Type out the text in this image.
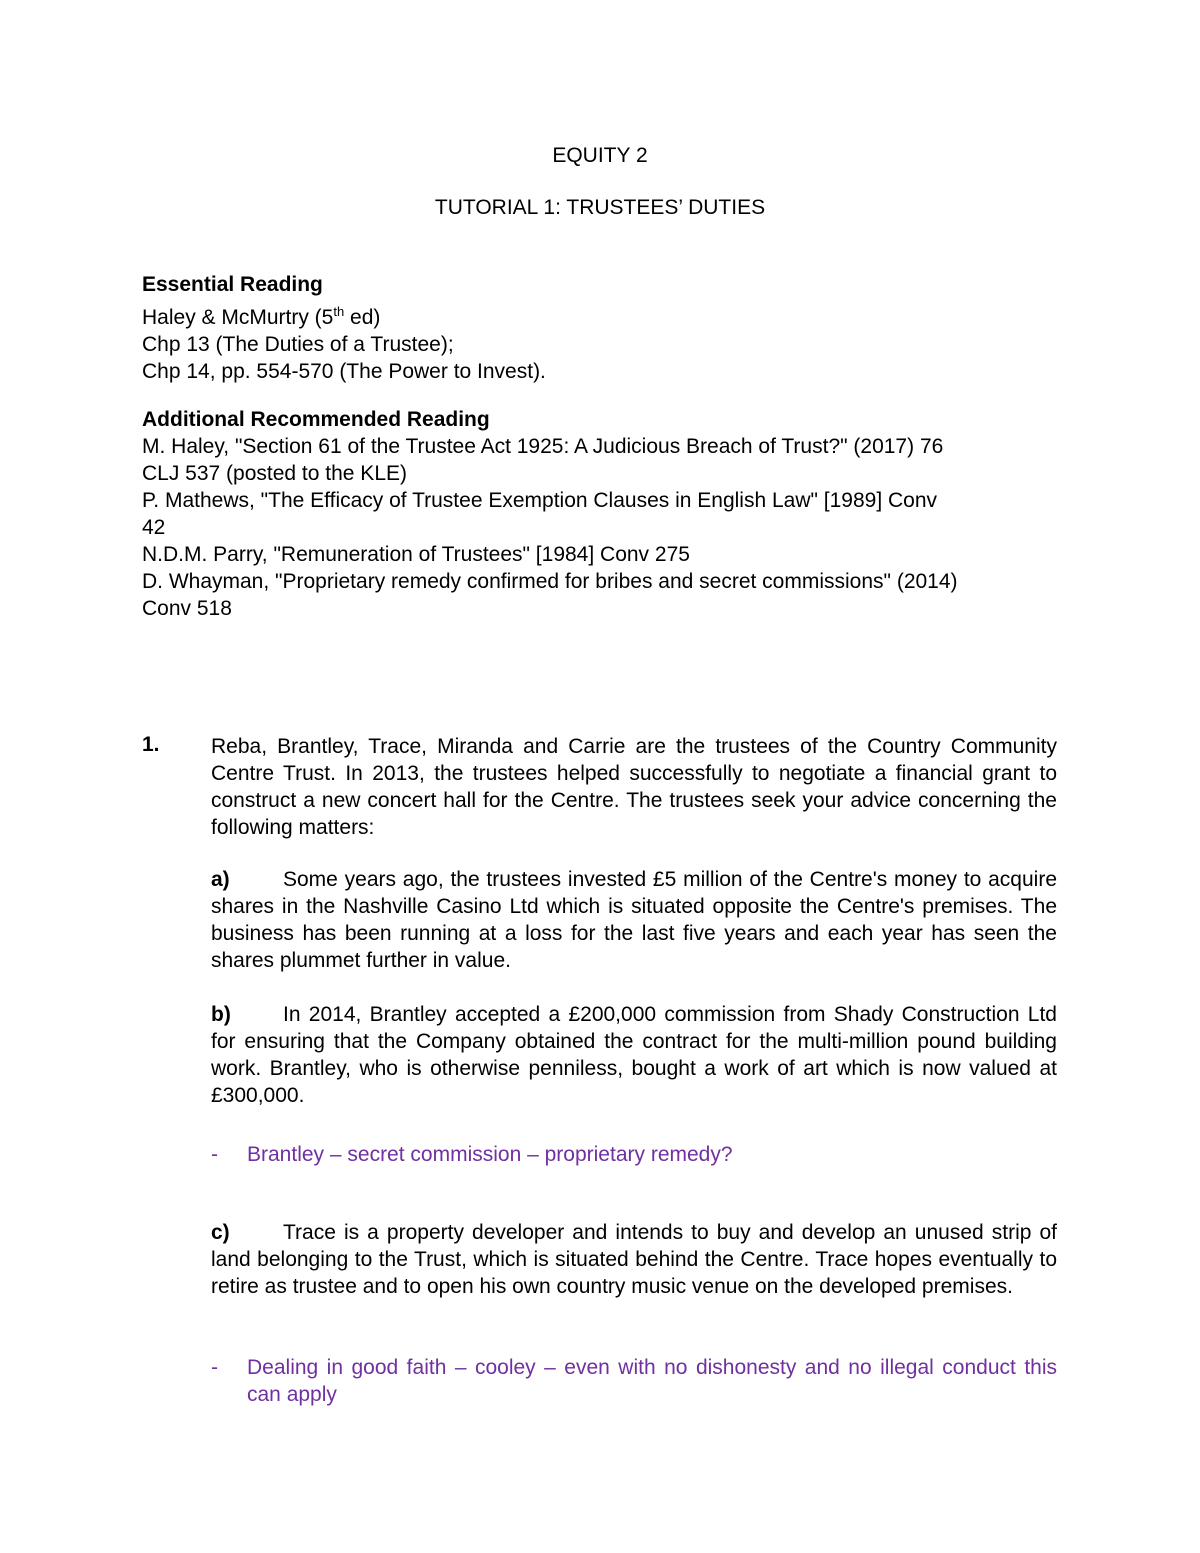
EQUITY 2
TUTORIAL 1: TRUSTEES’ DUTIES
Essential Reading
Haley & McMurtry (5th ed)
Chp 13 (The Duties of a Trustee);
Chp 14, pp. 554-570 (The Power to Invest).
Additional Recommended Reading
M. Haley, "Section 61 of the Trustee Act 1925: A Judicious Breach of Trust?" (2017) 76
CLJ 537 (posted to the KLE)
P. Mathews, "The Efficacy of Trustee Exemption Clauses in English Law" [1989] Conv
42
N.D.M. Parry, "Remuneration of Trustees" [1984] Conv 275
D. Whayman, "Proprietary remedy confirmed for bribes and secret commissions" (2014)
Conv 518
1. Reba, Brantley, Trace, Miranda and Carrie are the trustees of the Country Community Centre Trust. In 2013, the trustees helped successfully to negotiate a financial grant to construct a new concert hall for the Centre. The trustees seek your advice concerning the following matters:
a)	Some years ago, the trustees invested £5 million of the Centre's money to acquire shares in the Nashville Casino Ltd which is situated opposite the Centre's premises. The business has been running at a loss for the last five years and each year has seen the shares plummet further in value.
b) In 2014, Brantley accepted a £200,000 commission from Shady Construction Ltd for ensuring that the Company obtained the contract for the multi-million pound building work. Brantley, who is otherwise penniless, bought a work of art which is now valued at £300,000.
- Brantley – secret commission – proprietary remedy?
c)	Trace is a property developer and intends to buy and develop an unused strip of land belonging to the Trust, which is situated behind the Centre. Trace hopes eventually to retire as trustee and to open his own country music venue on the developed premises.
- Dealing in good faith – cooley – even with no dishonesty and no illegal conduct this can apply
